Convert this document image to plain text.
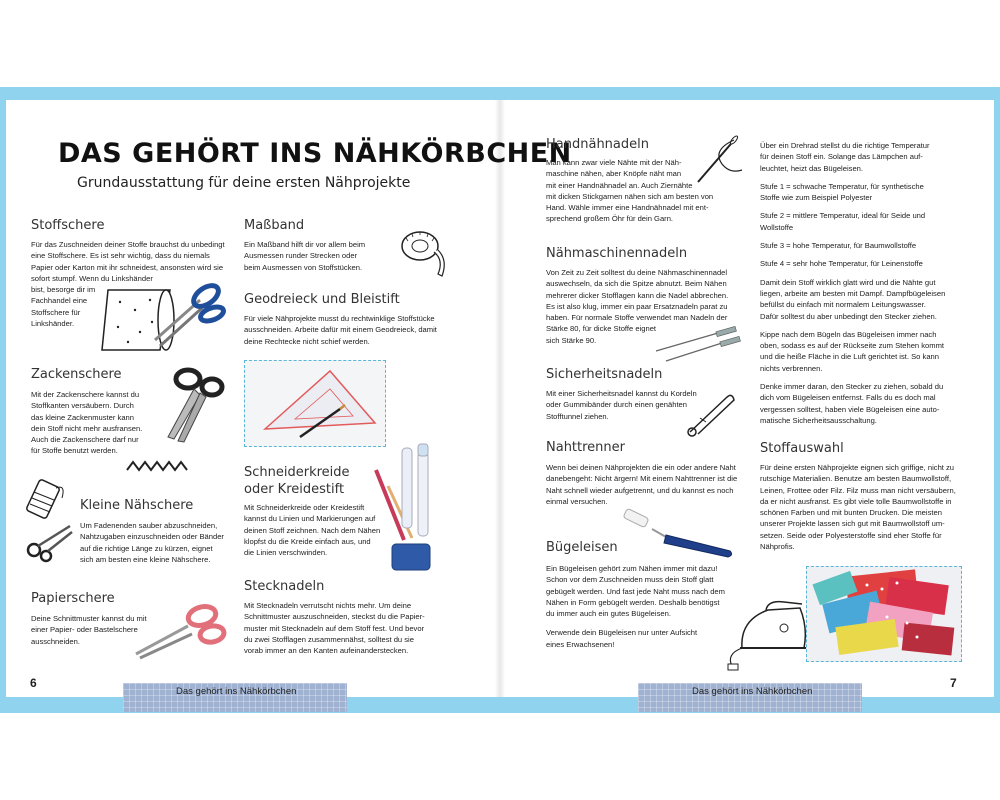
DAS GEHÖRT INS NÄHKÖRBCHEN
Grundausstattung für deine ersten Nähprojekte
Stoffschere

Für das Zuschneiden deiner Stoffe brauchst du unbedingt

eine Stoffschere. Es ist sehr wichtig, dass du niemals

Papier oder Karton mit ihr schneidest, ansonsten wird sie

sofort stumpf. Wenn du Linkshänder

bist, besorge dir im

Fachhandel eine

Stoffschere für

Linkshänder.

Zackenschere

Mit der Zackenschere kannst du

Stoffkanten versäubern. Durch

das kleine Zackenmuster kann

dein Stoff nicht mehr ausfransen.

Auch die Zackenschere darf nur

für Stoffe benutzt werden.

Kleine Nähschere

Um Fadenenden sauber abzuschneiden,

Nahtzugaben einzuschneiden oder Bänder

auf die richtige Länge zu kürzen, eignet

sich am besten eine kleine Nähschere.

Papierschere

Deine Schnittmuster kannst du mit

einer Papier- oder Bastelschere

ausschneiden.

Maßband

Ein Maßband hilft dir vor allem beim

Ausmessen runder Strecken oder

beim Ausmessen von Stoffstücken.

Geodreieck und Bleistift

Für viele Nähprojekte musst du rechtwinklige Stoffstücke

ausschneiden. Arbeite dafür mit einem Geodreieck, damit

deine Rechtecke nicht schief werden.

Schneiderkreide
oder Kreidestift

Mit Schneiderkreide oder Kreidestift

kannst du Linien und Markierungen auf

deinen Stoff zeichnen. Nach dem Nähen

klopfst du die Kreide einfach aus, und

die Linien verschwinden.

Stecknadeln

Mit Stecknadeln verrutscht nichts mehr. Um deine

Schnittmuster auszuschneiden, steckst du die Papier-

muster mit Stecknadeln auf dem Stoff fest. Und bevor

du zwei Stofflagen zusammennähst, solltest du sie

vorab immer an den Kanten aufeinanderstecken.

6
Das gehört ins Nähkörbchen
Handnähnadeln

Man kann zwar viele Nähte mit der Näh-

maschine nähen, aber Knöpfe näht man

mit einer Handnähnadel an. Auch Ziernähte

mit dicken Stickgarnen nähen sich am besten von

Hand. Wähle immer eine Handnähnadel mit ent-

sprechend großem Öhr für dein Garn.

Nähmaschinennadeln

Von Zeit zu Zeit solltest du deine Nähmaschinennadel

auswechseln, da sich die Spitze abnutzt. Beim Nähen

mehrerer dicker Stofflagen kann die Nadel abbrechen.

Es ist also klug, immer ein paar Ersatznadeln parat zu

haben. Für normale Stoffe verwendet man Nadeln der

Stärke 80, für dicke Stoffe eignet

sich Stärke 90.

Sicherheitsnadeln

Mit einer Sicherheitsnadel kannst du Kordeln

oder Gummibänder durch einen genähten

Stofftunnel ziehen.

Nahttrenner

Wenn bei deinen Nähprojekten die ein oder andere Naht

danebengeht: Nicht ärgern! Mit einem Nahttrenner ist die

Naht schnell wieder aufgetrennt, und du kannst es noch

einmal versuchen.

Bügeleisen

Ein Bügeleisen gehört zum Nähen immer mit dazu!

Schon vor dem Zuschneiden muss dein Stoff glatt

gebügelt werden. Und fast jede Naht muss nach dem

Nähen in Form gebügelt werden. Deshalb benötigst

du immer auch ein gutes Bügeleisen.

Verwende dein Bügeleisen nur unter Aufsicht

eines Erwachsenen!

Über ein Drehrad stellst du die richtige Temperatur

für deinen Stoff ein. Solange das Lämpchen auf-

leuchtet, heizt das Bügeleisen.

Stufe 1 = schwache Temperatur, für synthetische

Stoffe wie zum Beispiel Polyester

Stufe 2 = mittlere Temperatur, ideal für Seide und

Wollstoffe

Stufe 3 = hohe Temperatur, für Baumwollstoffe

Stufe 4 = sehr hohe Temperatur, für Leinenstoffe

Damit dein Stoff wirklich glatt wird und die Nähte gut

liegen, arbeite am besten mit Dampf. Dampfbügeleisen

befüllst du einfach mit normalem Leitungswasser.

Dafür solltest du aber unbedingt den Stecker ziehen.

Kippe nach dem Bügeln das Bügeleisen immer nach

oben, sodass es auf der Rückseite zum Stehen kommt

und die heiße Fläche in die Luft gerichtet ist. So kann

nichts verbrennen.

Denke immer daran, den Stecker zu ziehen, sobald du

dich vom Bügeleisen entfernst. Falls du es doch mal

vergessen solltest, haben viele Bügeleisen eine auto-

matische Sicherheitsausschaltung.

Stoffauswahl

Für deine ersten Nähprojekte eignen sich griffige, nicht zu

rutschige Materialien. Benutze am besten Baumwollstoff,

Leinen, Frottee oder Filz. Filz muss man nicht versäubern,

da er nicht ausfranst. Es gibt viele tolle Baumwollstoffe in

schönen Farben und mit bunten Drucken. Die meisten

unserer Projekte lassen sich gut mit Baumwollstoff um-

setzen. Seide oder Polyesterstoffe sind eher Stoffe für

Nähprofis.

Das gehört ins Nähkörbchen
7
